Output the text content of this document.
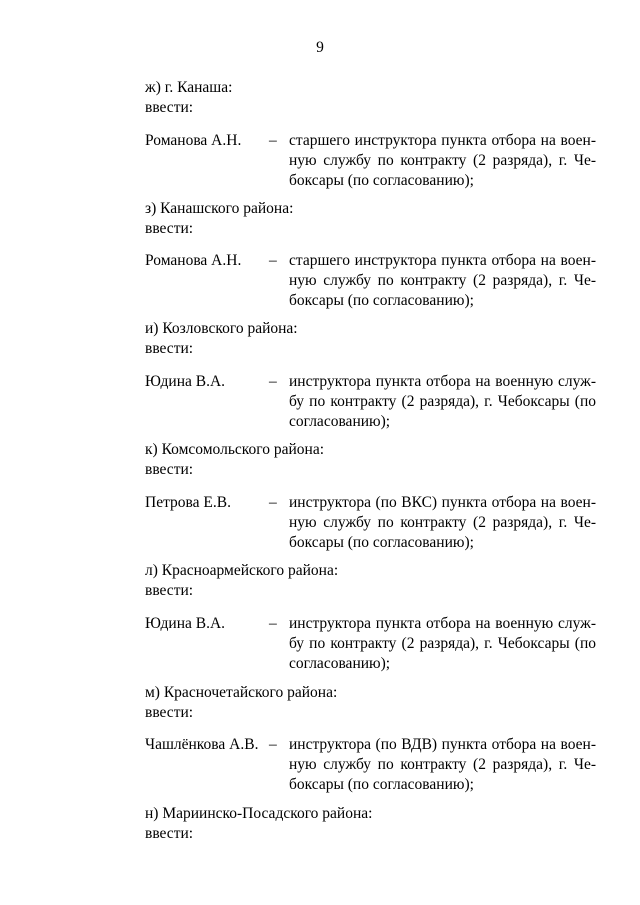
9
ж) г. Канаша:
ввести:
Романова А.Н. – старшего инструктора пункта отбора на воен-
ную службу по контракту (2 разряда), г. Че-
боксары (по согласованию);
з) Канашского района:
ввести:
Романова А.Н. – старшего инструктора пункта отбора на воен-
ную службу по контракту (2 разряда), г. Че-
боксары (по согласованию);
и) Козловского района:
ввести:
Юдина В.А.	– инструктора пункта отбора на военную служ-
бу по контракту (2 разряда), г. Чебоксары (по
согласованию);
к) Комсомольского района:
ввести:
Петрова Е.В. – инструктора (по ВКС) пункта отбора на воен-
ную службу по контракту (2 разряда), г. Че-
боксары (по согласованию);
л) Красноармейского района:
ввести:
Юдина В.А.	– инструктора пункта отбора на военную служ-
бу по контракту (2 разряда), г. Чебоксары (по
согласованию);
м) Красночетайского района:
ввести:
Чашлёнкова А.В. – инструктора (по ВДВ) пункта отбора на воен-
ную службу по контракту (2 разряда), г. Че-
боксары (по согласованию);
н) Мариинско-Посадского района:
ввести:
